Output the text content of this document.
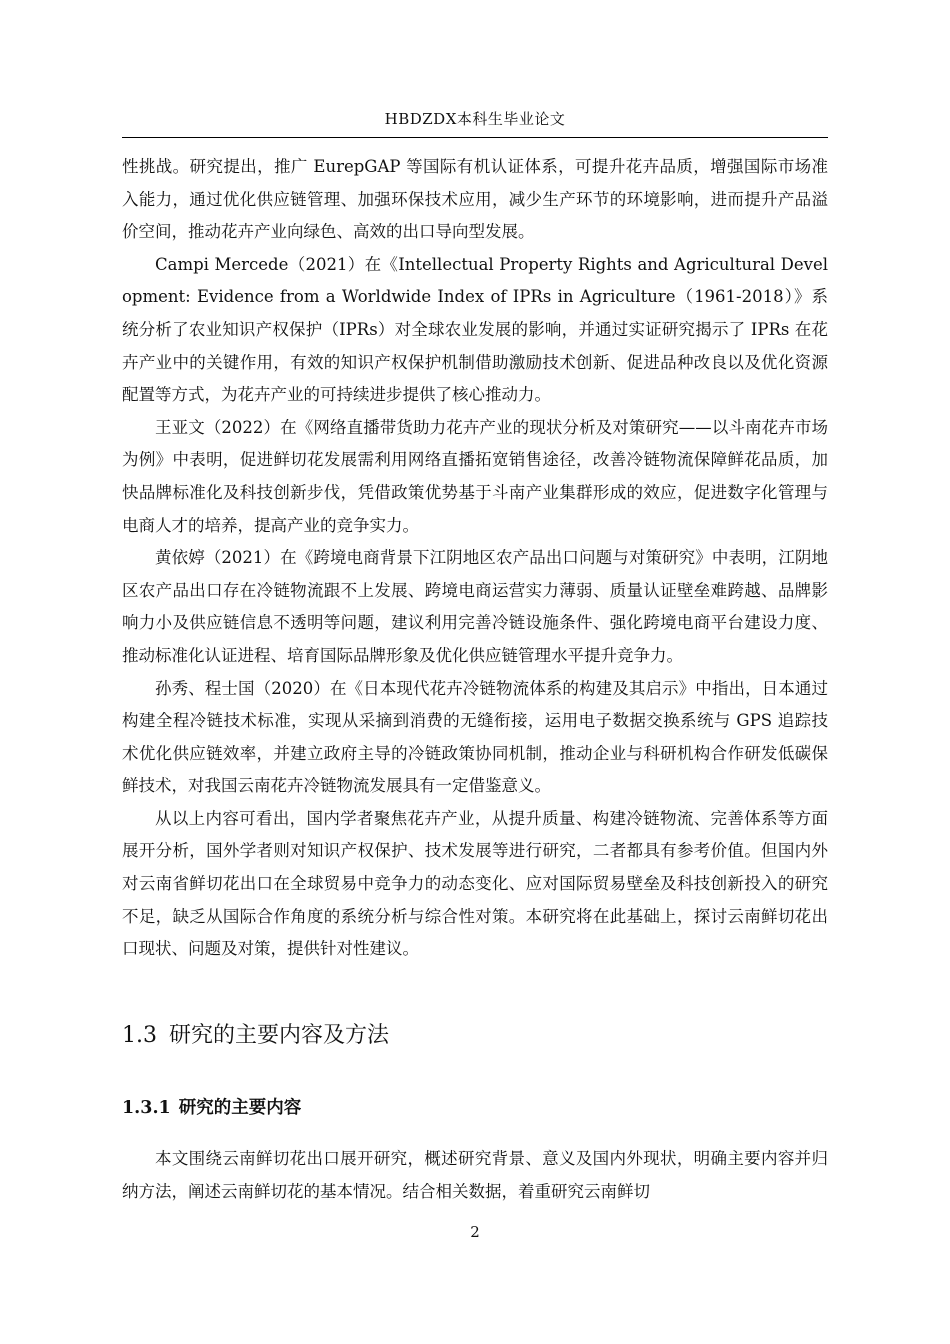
HBDZDX本科生毕业论文

性挑战。研究提出，推广 EurepGAP 等国际有机认证体系，可提升花卉品质，增强国际市场准入能力，通过优化供应链管理、加强环保技术应用，减少生产环节的环境影响，进而提升产品溢价空间，推动花卉产业向绿色、高效的出口导向型发展。

Campi Mercede（2021）在《Intellectual Property Rights and Agricultural Development: Evidence from a Worldwide Index of IPRs in Agriculture（1961-2018）》系统分析了农业知识产权保护（IPRs）对全球农业发展的影响，并通过实证研究揭示了 IPRs 在花卉产业中的关键作用，有效的知识产权保护机制借助激励技术创新、促进品种改良以及优化资源配置等方式，为花卉产业的可持续进步提供了核心推动力。

王亚文（2022）在《网络直播带货助力花卉产业的现状分析及对策研究——以斗南花卉市场为例》中表明，促进鲜切花发展需利用网络直播拓宽销售途径，改善冷链物流保障鲜花品质，加快品牌标准化及科技创新步伐，凭借政策优势基于斗南产业集群形成的效应，促进数字化管理与电商人才的培养，提高产业的竞争实力。

黄依婷（2021）在《跨境电商背景下江阴地区农产品出口问题与对策研究》中表明，江阴地区农产品出口存在冷链物流跟不上发展、跨境电商运营实力薄弱、质量认证壁垒难跨越、品牌影响力小及供应链信息不透明等问题，建议利用完善冷链设施条件、强化跨境电商平台建设力度、推动标准化认证进程、培育国际品牌形象及优化供应链管理水平提升竞争力。

孙秀、程士国（2020）在《日本现代花卉冷链物流体系的构建及其启示》中指出，日本通过构建全程冷链技术标准，实现从采摘到消费的无缝衔接，运用电子数据交换系统与 GPS 追踪技术优化供应链效率，并建立政府主导的冷链政策协同机制，推动企业与科研机构合作研发低碳保鲜技术，对我国云南花卉冷链物流发展具有一定借鉴意义。

从以上内容可看出，国内学者聚焦花卉产业，从提升质量、构建冷链物流、完善体系等方面展开分析，国外学者则对知识产权保护、技术发展等进行研究，二者都具有参考价值。但国内外对云南省鲜切花出口在全球贸易中竞争力的动态变化、应对国际贸易壁垒及科技创新投入的研究不足，缺乏从国际合作角度的系统分析与综合性对策。本研究将在此基础上，探讨云南鲜切花出口现状、问题及对策，提供针对性建议。

1.3 研究的主要内容及方法
1.3.1 研究的主要内容

本文围绕云南鲜切花出口展开研究，概述研究背景、意义及国内外现状，明确主要内容并归纳方法，阐述云南鲜切花的基本情况。结合相关数据，着重研究云南鲜切

2
